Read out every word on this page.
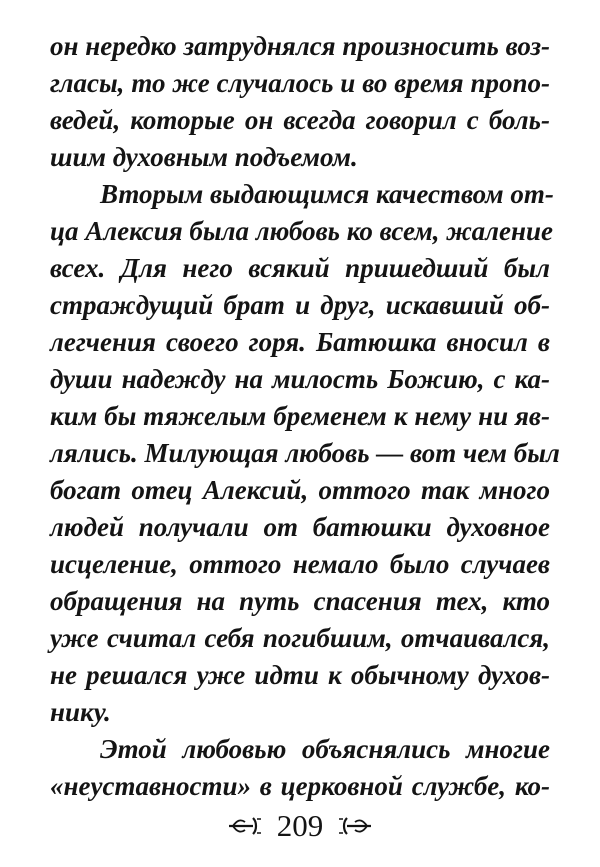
он нередко затруднялся произносить воз-
гласы, то же случалось и во время пропо-
ведей, которые он всегда говорил с боль-
шим духовным подъемом.
Вторым выдающимся качеством от-
ца Алексия была любовь ко всем, жаление
всех. Для него всякий пришедший был
страждущий брат и друг, искавший об-
легчения своего горя. Батюшка вносил в
души надежду на милость Божию, с ка-
ким бы тяжелым бременем к нему ни яв-
лялись. Милующая любовь — вот чем был
богат отец Алексий, оттого так много
людей получали от батюшки духовное
исцеление, оттого немало было случаев
обращения на путь спасения тех, кто
уже считал себя погибшим, отчаивался,
не решался уже идти к обычному духов-
нику.
Этой любовью объяснялись многие
«неуставности» в церковной службе, ко-
209
